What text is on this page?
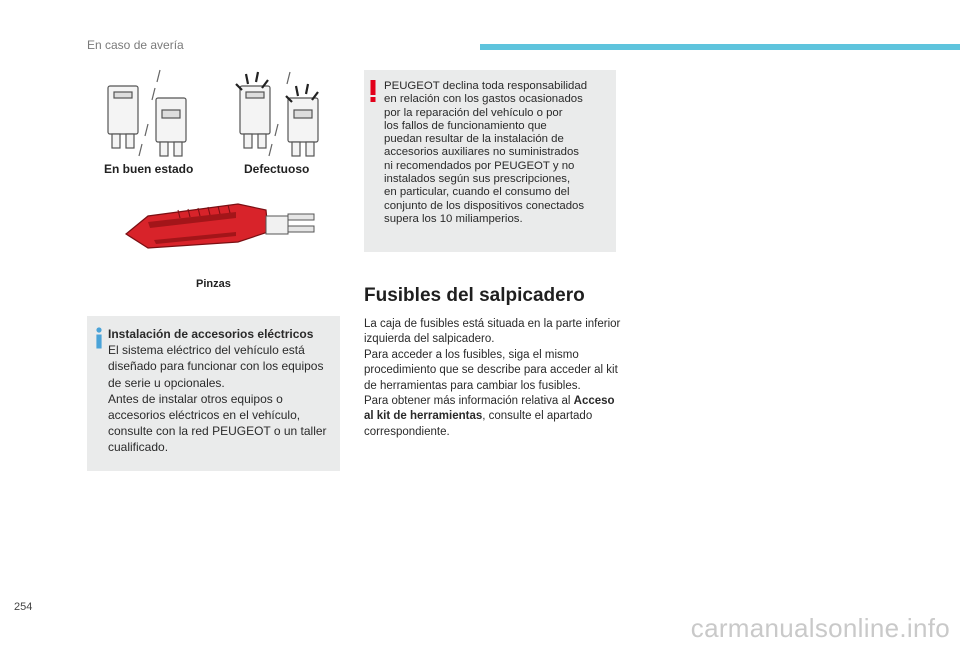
En caso de avería
En buen estado	Defectuoso
Pinzas
Instalación de accesorios eléctricos
El sistema eléctrico del vehículo está diseñado para funcionar con los equipos de serie u opcionales.
Antes de instalar otros equipos o accesorios eléctricos en el vehículo, consulte con la red PEUGEOT o un taller cualificado.

PEUGEOT declina toda responsabilidad
en relación con los gastos ocasionados
por la reparación del vehículo o por
los fallos de funcionamiento que
puedan resultar de la instalación de
accesorios auxiliares no suministrados
ni recomendados por PEUGEOT y no
instalados según sus prescripciones,
en particular, cuando el consumo del
conjunto de los dispositivos conectados
supera los 10 miliamperios.

Fusibles del salpicadero
La caja de fusibles está situada en la parte inferior izquierda del salpicadero.
Para acceder a los fusibles, siga el mismo procedimiento que se describe para acceder al kit de herramientas para cambiar los fusibles.
Para obtener más información relativa al Acceso al kit de herramientas, consulte el apartado correspondiente.
254
carmanualsonline.info
